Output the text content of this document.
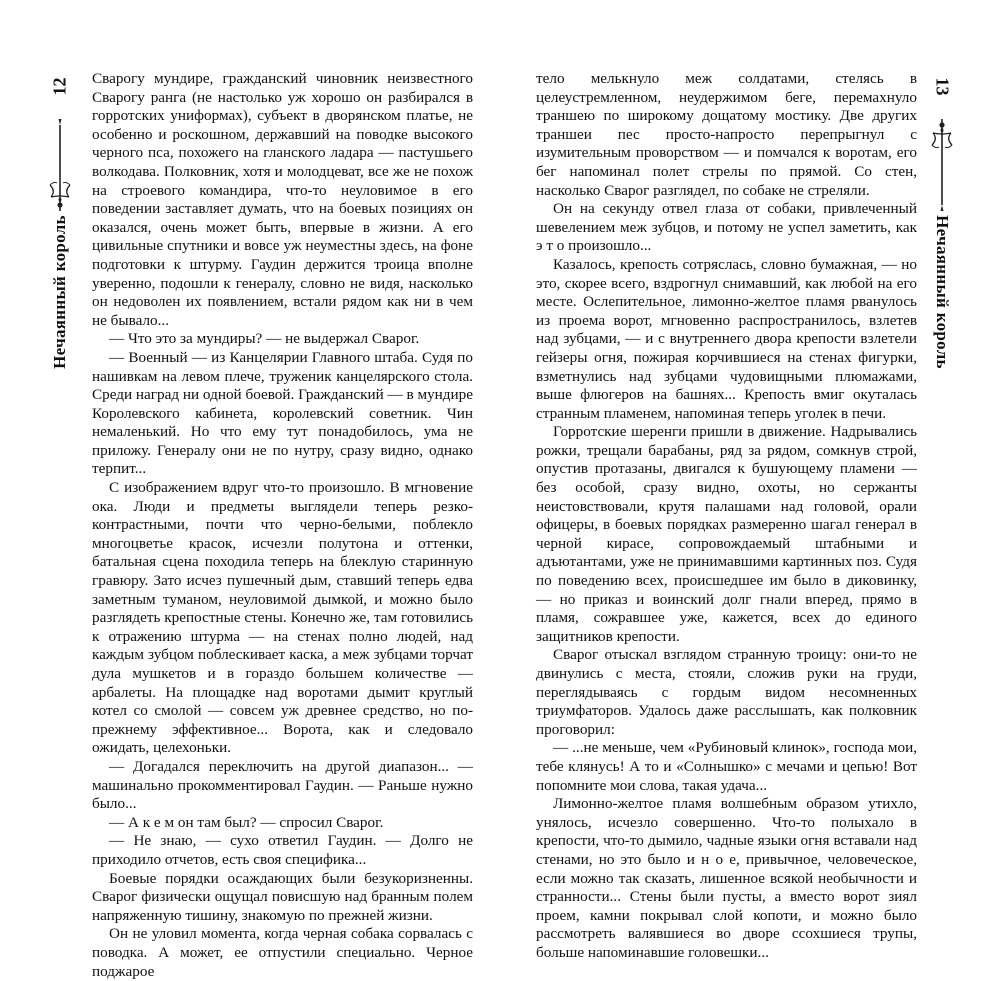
12
Нечаянный король

Сварогу мундире, гражданский чиновник неизвестного Сварогу ранга (не настолько уж хорошо он разбирался в горротских униформах), субъект в дворянском платье, не особенно и роскошном, державший на поводке высокого черного пса, похожего на гланского ладара — пастушьего волкодава. Полковник, хотя и молодцеват, все же не похож на строевого командира, что-то неуловимое в его поведении заставляет думать, что на боевых позициях он оказался, очень может быть, впервые в жизни. А его цивильные спутники и вовсе уж неуместны здесь, на фоне подготовки к штурму. Гаудин держится троица вполне уверенно, подошли к генералу, словно не видя, насколько он недоволен их появлением, встали рядом как ни в чем не бывало...

— Что это за мундиры? — не выдержал Сварог.

— Военный — из Канцелярии Главного штаба. Судя по нашивкам на левом плече, труженик канцелярского стола. Среди наград ни одной боевой. Гражданский — в мундире Королевского кабинета, королевский советник. Чин немаленький. Но что ему тут понадобилось, ума не приложу. Генералу они не по нутру, сразу видно, однако терпит...

С изображением вдруг что-то произошло. В мгновение ока. Люди и предметы выглядели теперь резко-контрастными, почти что черно-белыми, поблекло многоцветье красок, исчезли полутона и оттенки, батальная сцена походила теперь на блеклую старинную гравюру. Зато исчез пушечный дым, ставший теперь едва заметным туманом, неуловимой дымкой, и можно было разглядеть крепостные стены. Конечно же, там готовились к отражению штурма — на стенах полно людей, над каждым зубцом поблескивает каска, а меж зубцами торчат дула мушкетов и в гораздо большем количестве — арбалеты. На площадке над воротами дымит круглый котел со смолой — совсем уж древнее средство, но по-прежнему эффективное... Ворота, как и следовало ожидать, целехоньки.

— Догадался переключить на другой диапазон... — машинально прокомментировал Гаудин. — Раньше нужно было...

— А к е м он там был? — спросил Сварог.

— Не знаю, — сухо ответил Гаудин. — Долго не приходило отчетов, есть своя специфика...

Боевые порядки осаждающих были безукоризненны. Сварог физически ощущал повисшую над бранным полем напряженную тишину, знакомую по прежней жизни.

Он не уловил момента, когда черная собака сорвалась с поводка. А может, ее отпустили специально. Черное поджарое

тело мелькнуло меж солдатами, стелясь в целеустремленном, неудержимом беге, перемахнуло траншею по широкому дощатому мостику. Две других траншеи пес просто-напросто перепрыгнул с изумительным проворством — и помчался к воротам, его бег напоминал полет стрелы по прямой. Со стен, насколько Сварог разглядел, по собаке не стреляли.

Он на секунду отвел глаза от собаки, привлеченный шевелением меж зубцов, и потому не успел заметить, как э т о произошло...

Казалось, крепость сотряслась, словно бумажная, — но это, скорее всего, вздрогнул снимавший, как любой на его месте. Ослепительное, лимонно-желтое пламя рванулось из проема ворот, мгновенно распространилось, взлетев над зубцами, — и с внутреннего двора крепости взлетели гейзеры огня, пожирая корчившиеся на стенах фигурки, взметнулись над зубцами чудовищными плюмажами, выше флюгеров на башнях... Крепость вмиг окуталась странным пламенем, напоминая теперь уголек в печи.

Горротские шеренги пришли в движение. Надрывались рожки, трещали барабаны, ряд за рядом, сомкнув строй, опустив протазаны, двигался к бушующему пламени — без особой, сразу видно, охоты, но сержанты неистовствовали, крутя палашами над головой, орали офицеры, в боевых порядках размеренно шагал генерал в черной кирасе, сопровождаемый штабными и адъютантами, уже не принимавшими картинных поз. Судя по поведению всех, происшедшее им было в диковинку, — но приказ и воинский долг гнали вперед, прямо в пламя, сожравшее уже, кажется, всех до единого защитников крепости.

Сварог отыскал взглядом странную троицу: они-то не двинулись с места, стояли, сложив руки на груди, переглядываясь с гордым видом несомненных триумфаторов. Удалось даже расслышать, как полковник проговорил:

— ...не меньше, чем «Рубиновый клинок», господа мои, тебе клянусь! А то и «Солнышко» с мечами и цепью! Вот попомните мои слова, такая удача...

Лимонно-желтое пламя волшебным образом утихло, унялось, исчезло совершенно. Что-то полыхало в крепости, что-то дымило, чадные языки огня вставали над стенами, но это было и н о е, привычное, человеческое, если можно так сказать, лишенное всякой необычности и странности... Стены были пусты, а вместо ворот зиял проем, камни покрывал слой копоти, и можно было рассмотреть валявшиеся во дворе ссохшиеся трупы, больше напоминавшие головешки...

13
Нечаянный король
